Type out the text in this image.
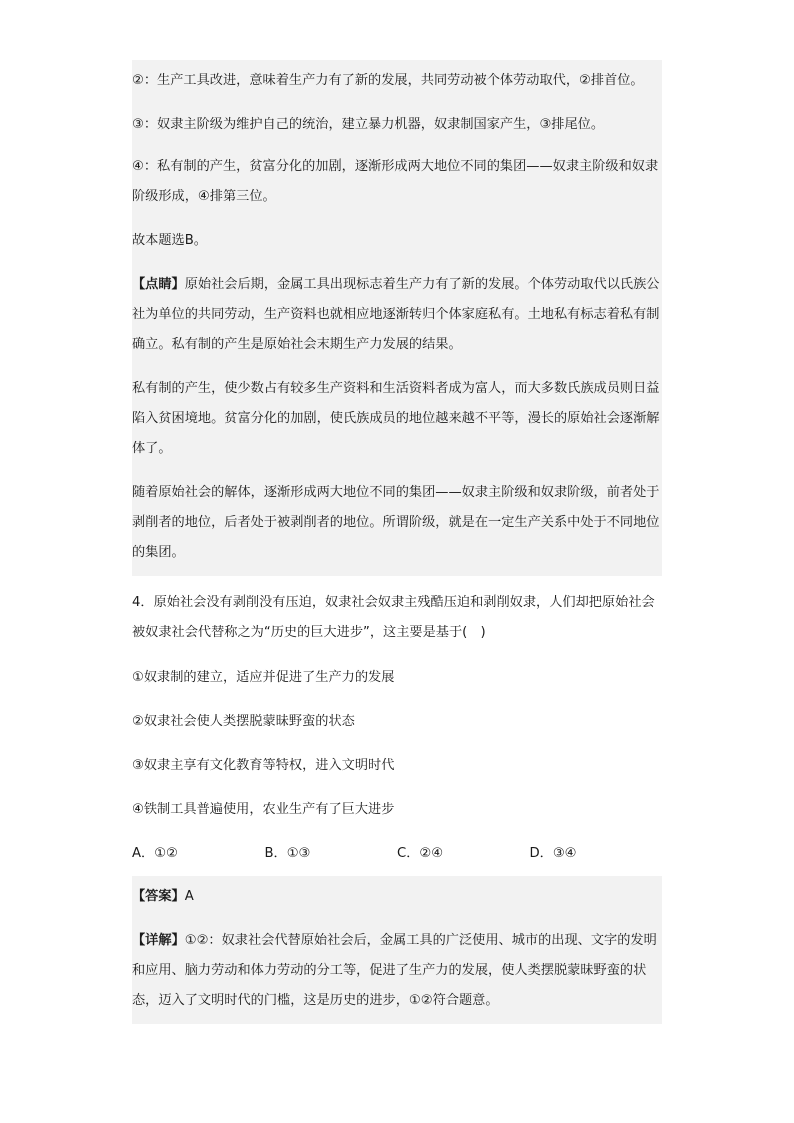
②：生产工具改进，意味着生产力有了新的发展，共同劳动被个体劳动取代，②排首位。
③：奴隶主阶级为维护自己的统治，建立暴力机器，奴隶制国家产生，③排尾位。
④：私有制的产生，贫富分化的加剧，逐渐形成两大地位不同的集团——奴隶主阶级和奴隶阶级形成，④排第三位。
故本题选B。
【点睛】原始社会后期，金属工具出现标志着生产力有了新的发展。个体劳动取代以氏族公社为单位的共同劳动，生产资料也就相应地逐渐转归个体家庭私有。土地私有标志着私有制确立。私有制的产生是原始社会末期生产力发展的结果。
私有制的产生，使少数占有较多生产资料和生活资料者成为富人，而大多数氏族成员则日益陷入贫困境地。贫富分化的加剧，使氏族成员的地位越来越不平等，漫长的原始社会逐渐解体了。
随着原始社会的解体，逐渐形成两大地位不同的集团——奴隶主阶级和奴隶阶级，前者处于剥削者的地位，后者处于被剥削者的地位。所谓阶级，就是在一定生产关系中处于不同地位的集团。
4．原始社会没有剥削没有压迫，奴隶社会奴隶主残酷压迫和剥削奴隶，人们却把原始社会被奴隶社会代替称之为“历史的巨大进步”，这主要是基于(　)
①奴隶制的建立，适应并促进了生产力的发展
②奴隶社会使人类摆脱蒙昧野蛮的状态
③奴隶主享有文化教育等特权，进入文明时代
④铁制工具普遍使用，农业生产有了巨大进步
A．①②	B．①③	C．②④	D．③④
【答案】A
【详解】①②：奴隶社会代替原始社会后，金属工具的广泛使用、城市的出现、文字的发明和应用、脑力劳动和体力劳动的分工等，促进了生产力的发展，使人类摆脱蒙昧野蛮的状态，迈入了文明时代的门槛，这是历史的进步，①②符合题意。
